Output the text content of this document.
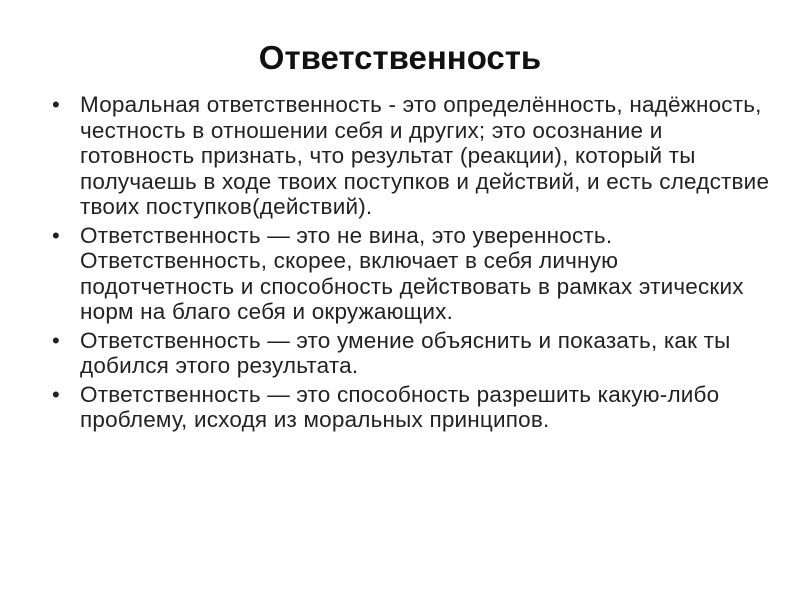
Ответственность
• Моральная ответственность - это определённость, надёжность, честность в отношении себя и других; это осознание и готовность признать, что результат (реакции), который ты получаешь в ходе твоих поступков и действий, и есть следствие твоих поступков(действий).
• Ответственность — это не вина, это уверенность. Ответственность, скорее, включает в себя личную подотчетность и способность действовать в рамках этических норм на благо себя и окружающих.
• Ответственность — это умение объяснить и показать, как ты добился этого результата.
• Ответственность — это способность разрешить какую-либо проблему, исходя из моральных принципов.
